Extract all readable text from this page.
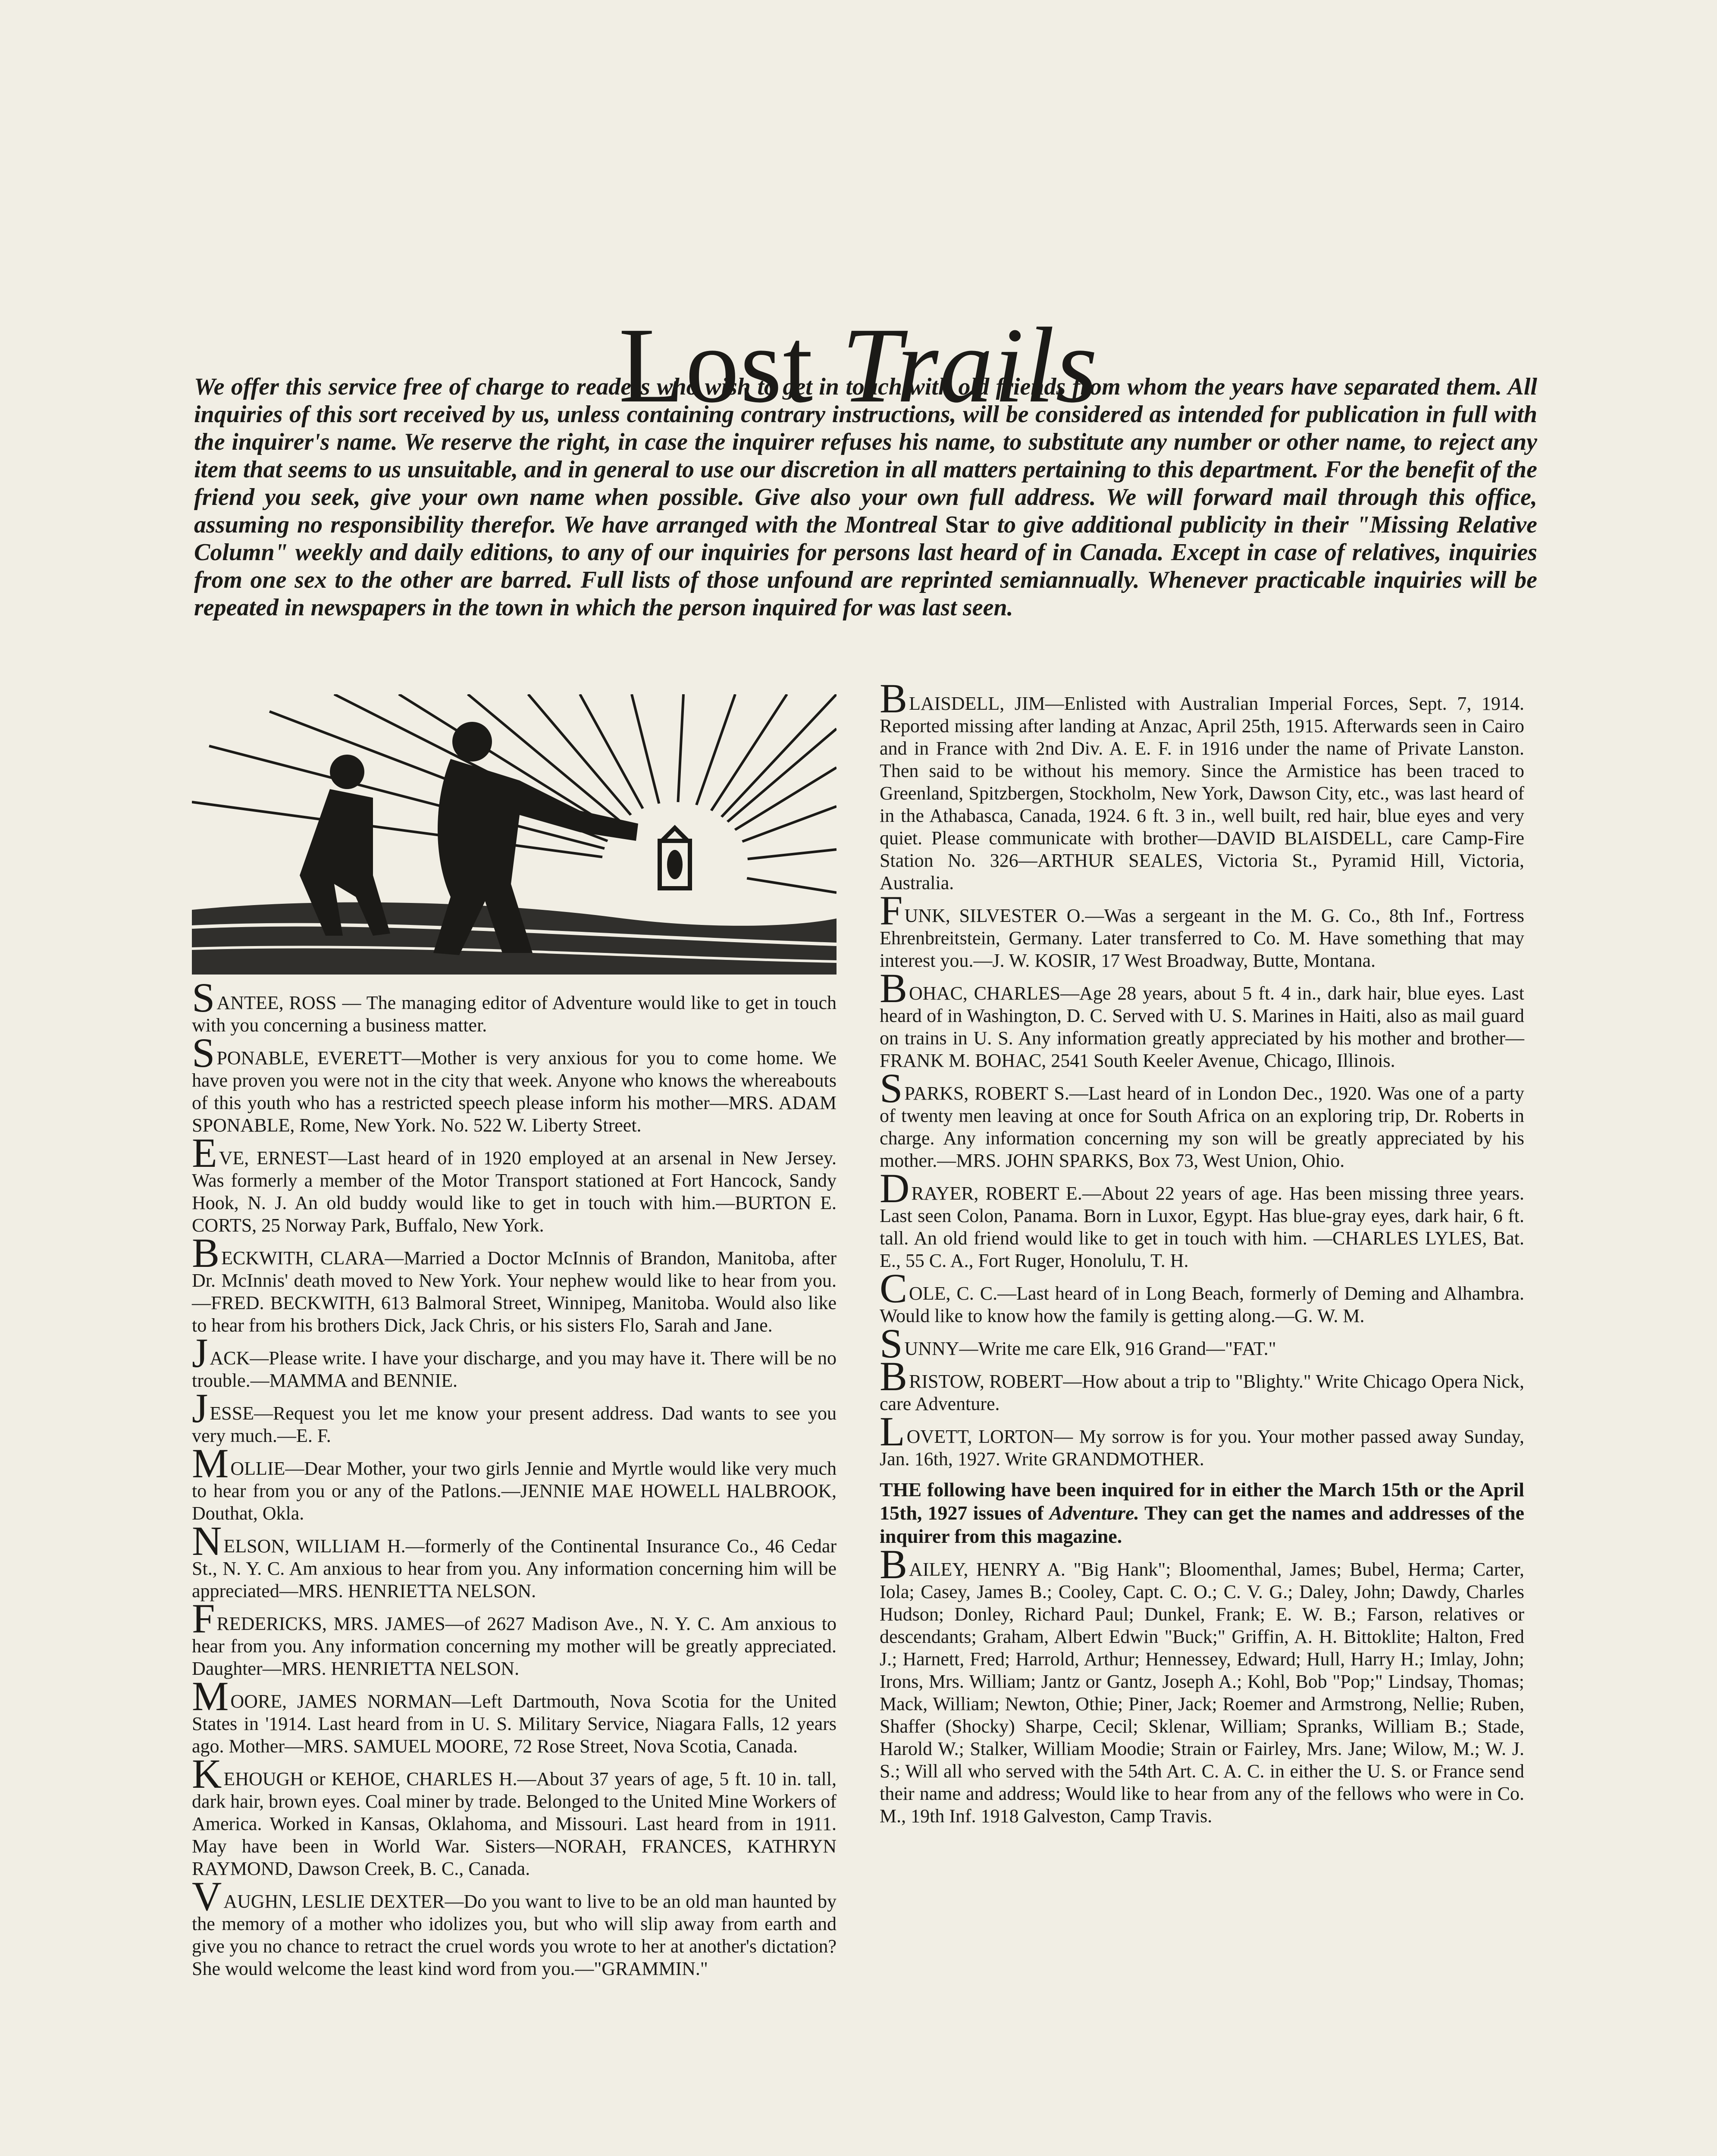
Lost Trails

We offer this service free of charge to readers who wish to get in touch with old friends from whom the years have separated them. All inquiries of this sort received by us, unless containing contrary instructions, will be considered as intended for publication in full with the inquirer's name. We reserve the right, in case the inquirer refuses his name, to substitute any number or other name, to reject any item that seems to us unsuitable, and in general to use our discretion in all matters pertaining to this department. For the benefit of the friend you seek, give your own name when possible. Give also your own full address. We will forward mail through this office, assuming no responsibility therefor. We have arranged with the Montreal Star to give additional publicity in their "Missing Relative Column" weekly and daily editions, to any of our inquiries for persons last heard of in Canada. Except in case of relatives, inquiries from one sex to the other are barred. Full lists of those unfound are reprinted semiannually. Whenever practicable inquiries will be repeated in newspapers in the town in which the person inquired for was last seen.

SANTEE, ROSS — The managing editor of Adventure would like to get in touch with you concerning a business matter.

SPONABLE, EVERETT—Mother is very anxious for you to come home. We have proven you were not in the city that week. Anyone who knows the whereabouts of this youth who has a restricted speech please inform his mother—MRS. ADAM SPONABLE, Rome, New York. No. 522 W. Liberty Street.

EVE, ERNEST—Last heard of in 1920 employed at an arsenal in New Jersey. Was formerly a member of the Motor Transport stationed at Fort Hancock, Sandy Hook, N. J. An old buddy would like to get in touch with him.—BURTON E. CORTS, 25 Norway Park, Buffalo, New York.

BECKWITH, CLARA—Married a Doctor McInnis of Brandon, Manitoba, after Dr. McInnis' death moved to New York. Your nephew would like to hear from you.—FRED. BECKWITH, 613 Balmoral Street, Winnipeg, Manitoba. Would also like to hear from his brothers Dick, Jack Chris, or his sisters Flo, Sarah and Jane.

JACK—Please write. I have your discharge, and you may have it. There will be no trouble.—MAMMA and BENNIE.

JESSE—Request you let me know your present address. Dad wants to see you very much.—E. F.

MOLLIE—Dear Mother, your two girls Jennie and Myrtle would like very much to hear from you or any of the Patlons.—JENNIE MAE HOWELL HALBROOK, Douthat, Okla.

NELSON, WILLIAM H.—formerly of the Continental Insurance Co., 46 Cedar St., N. Y. C. Am anxious to hear from you. Any information concerning him will be appreciated—MRS. HENRIETTA NELSON.

FREDERICKS, MRS. JAMES—of 2627 Madison Ave., N. Y. C. Am anxious to hear from you. Any information concerning my mother will be greatly appreciated. Daughter—MRS. HENRIETTA NELSON.

MOORE, JAMES NORMAN—Left Dartmouth, Nova Scotia for the United States in '1914. Last heard from in U. S. Military Service, Niagara Falls, 12 years ago. Mother—MRS. SAMUEL MOORE, 72 Rose Street, Nova Scotia, Canada.

KEHOUGH or KEHOE, CHARLES H.—About 37 years of age, 5 ft. 10 in. tall, dark hair, brown eyes. Coal miner by trade. Belonged to the United Mine Workers of America. Worked in Kansas, Oklahoma, and Missouri. Last heard from in 1911. May have been in World War. Sisters—NORAH, FRANCES, KATHRYN RAYMOND, Dawson Creek, B. C., Canada.

VAUGHN, LESLIE DEXTER—Do you want to live to be an old man haunted by the memory of a mother who idolizes you, but who will slip away from earth and give you no chance to retract the cruel words you wrote to her at another's dictation? She would welcome the least kind word from you.—"GRAMMIN."

BLAISDELL, JIM—Enlisted with Australian Imperial Forces, Sept. 7, 1914. Reported missing after landing at Anzac, April 25th, 1915. Afterwards seen in Cairo and in France with 2nd Div. A. E. F. in 1916 under the name of Private Lanston. Then said to be without his memory. Since the Armistice has been traced to Greenland, Spitzbergen, Stockholm, New York, Dawson City, etc., was last heard of in the Athabasca, Canada, 1924. 6 ft. 3 in., well built, red hair, blue eyes and very quiet. Please communicate with brother—DAVID BLAISDELL, care Camp-Fire Station No. 326—ARTHUR SEALES, Victoria St., Pyramid Hill, Victoria, Australia.

FUNK, SILVESTER O.—Was a sergeant in the M. G. Co., 8th Inf., Fortress Ehrenbreitstein, Germany. Later transferred to Co. M. Have something that may interest you.—J. W. KOSIR, 17 West Broadway, Butte, Montana.

BOHAC, CHARLES—Age 28 years, about 5 ft. 4 in., dark hair, blue eyes. Last heard of in Washington, D. C. Served with U. S. Marines in Haiti, also as mail guard on trains in U. S. Any information greatly appreciated by his mother and brother—FRANK M. BOHAC, 2541 South Keeler Avenue, Chicago, Illinois.

SPARKS, ROBERT S.—Last heard of in London Dec., 1920. Was one of a party of twenty men leaving at once for South Africa on an exploring trip, Dr. Roberts in charge. Any information concerning my son will be greatly appreciated by his mother.—MRS. JOHN SPARKS, Box 73, West Union, Ohio.

DRAYER, ROBERT E.—About 22 years of age. Has been missing three years. Last seen Colon, Panama. Born in Luxor, Egypt. Has blue-gray eyes, dark hair, 6 ft. tall. An old friend would like to get in touch with him. —CHARLES LYLES, Bat. E., 55 C. A., Fort Ruger, Honolulu, T. H.

COLE, C. C.—Last heard of in Long Beach, formerly of Deming and Alhambra. Would like to know how the family is getting along.—G. W. M.

SUNNY—Write me care Elk, 916 Grand—"FAT."

BRISTOW, ROBERT—How about a trip to "Blighty." Write Chicago Opera Nick, care Adventure.

LOVETT, LORTON— My sorrow is for you. Your mother passed away Sunday, Jan. 16th, 1927. Write GRANDMOTHER.

THE following have been inquired for in either the March 15th or the April 15th, 1927 issues of Adventure. They can get the names and addresses of the inquirer from this magazine.

BAILEY, HENRY A. "Big Hank"; Bloomenthal, James; Bubel, Herma; Carter, Iola; Casey, James B.; Cooley, Capt. C. O.; C. V. G.; Daley, John; Dawdy, Charles Hudson; Donley, Richard Paul; Dunkel, Frank; E. W. B.; Farson, relatives or descendants; Graham, Albert Edwin "Buck;" Griffin, A. H. Bittoklite; Halton, Fred J.; Harnett, Fred; Harrold, Arthur; Hennessey, Edward; Hull, Harry H.; Imlay, John; Irons, Mrs. William; Jantz or Gantz, Joseph A.; Kohl, Bob "Pop;" Lindsay, Thomas; Mack, William; Newton, Othie; Piner, Jack; Roemer and Armstrong, Nellie; Ruben, Shaffer (Shocky) Sharpe, Cecil; Sklenar, William; Spranks, William B.; Stade, Harold W.; Stalker, William Moodie; Strain or Fairley, Mrs. Jane; Wilow, M.; W. J. S.; Will all who served with the 54th Art. C. A. C. in either the U. S. or France send their name and address; Would like to hear from any of the fellows who were in Co. M., 19th Inf. 1918 Galveston, Camp Travis.
